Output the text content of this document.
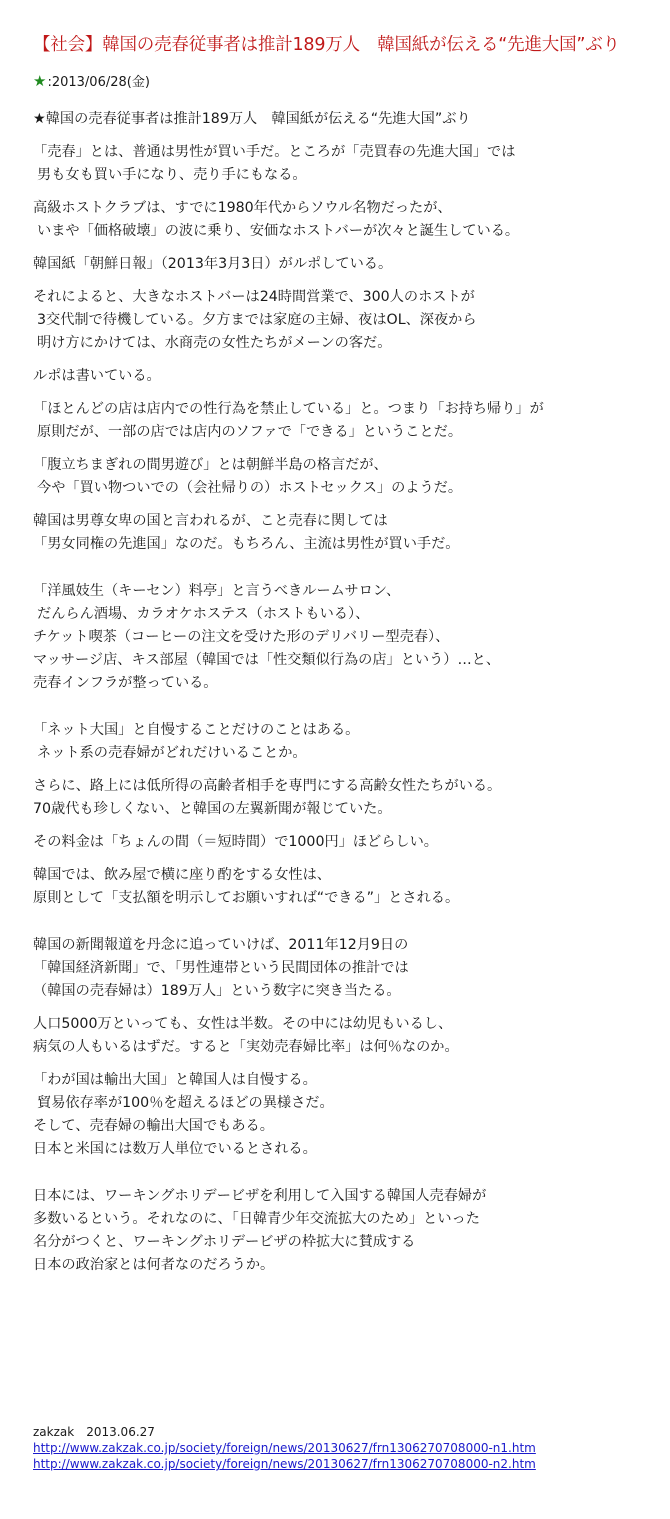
【社会】韓国の売春従事者は推計189万人　韓国紙が伝える“先進大国”ぶり
★ :2013/06/28(金)
★韓国の売春従事者は推計189万人　韓国紙が伝える“先進大国”ぶり
「売春」とは、普通は男性が買い手だ。ところが「売買春の先進大国」では
男も女も買い手になり、売り手にもなる。
高級ホストクラブは、すでに1980年代からソウル名物だったが、
いまや「価格破壊」の波に乗り、安価なホストバーが次々と誕生している。
韓国紙「朝鮮日報」（2013年3月3日）がルポしている。
それによると、大きなホストバーは24時間営業で、300人のホストが
3交代制で待機している。夕方までは家庭の主婦、夜はOL、深夜から
明け方にかけては、水商売の女性たちがメーンの客だ。
ルポは書いている。
「ほとんどの店は店内での性行為を禁止している」と。つまり「お持ち帰り」が
原則だが、一部の店では店内のソファで「できる」ということだ。
「腹立ちまぎれの間男遊び」とは朝鮮半島の格言だが、
今や「買い物ついでの（会社帰りの）ホストセックス」のようだ。
韓国は男尊女卑の国と言われるが、こと売春に関しては
「男女同権の先進国」なのだ。もちろん、主流は男性が買い手だ。
「洋風妓生（キーセン）料亭」と言うべきルームサロン、
だんらん酒場、カラオケホステス（ホストもいる）、
チケット喫茶（コーヒーの注文を受けた形のデリバリー型売春）、
マッサージ店、キス部屋（韓国では「性交類似行為の店」という）…と、
売春インフラが整っている。
「ネット大国」と自慢することだけのことはある。
ネット系の売春婦がどれだけいることか。
さらに、路上には低所得の高齢者相手を専門にする高齢女性たちがいる。
70歳代も珍しくない、と韓国の左翼新聞が報じていた。
その料金は「ちょんの間（＝短時間）で1000円」ほどらしい。
韓国では、飲み屋で横に座り酌をする女性は、
原則として「支払額を明示してお願いすれば“できる”」とされる。
韓国の新聞報道を丹念に追っていけば、2011年12月9日の
「韓国経済新聞」で、「男性連帯という民間団体の推計では
（韓国の売春婦は）189万人」という数字に突き当たる。
人口5000万といっても、女性は半数。その中には幼児もいるし、
病気の人もいるはずだ。すると「実効売春婦比率」は何％なのか。
「わが国は輸出大国」と韓国人は自慢する。
貿易依存率が100％を超えるほどの異様さだ。
そして、売春婦の輸出大国でもある。
日本と米国には数万人単位でいるとされる。
日本には、ワーキングホリデービザを利用して入国する韓国人売春婦が
多数いるという。それなのに、「日韓青少年交流拡大のため」といった
名分がつくと、ワーキングホリデービザの枠拡大に賛成する
日本の政治家とは何者なのだろうか。
zakzak　2013.06.27
http://www.zakzak.co.jp/society/foreign/news/20130627/frn1306270708000-n1.htm
http://www.zakzak.co.jp/society/foreign/news/20130627/frn1306270708000-n2.htm
